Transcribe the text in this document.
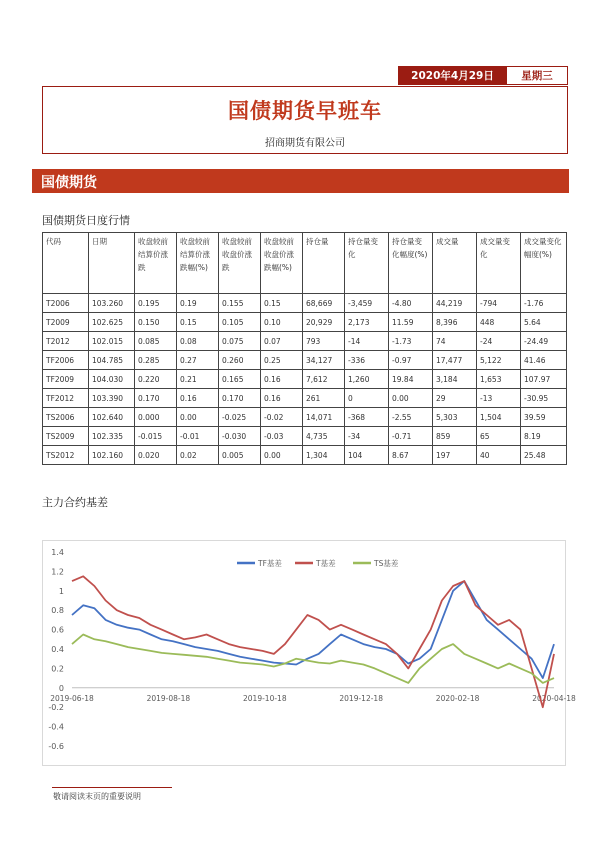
2020年4月29日	星期三
国债期货早班车
招商期货有限公司
国债期货
国债期货日度行情
代码	日期	收盘较前结算价涨跌	收盘较前结算价涨跌幅(%)	收盘较前收盘价涨跌	收盘较前收盘价涨跌幅(%)	持仓量	持仓量变化	持仓量变化幅度(%)	成交量	成交量变化	成交量变化幅度(%)
T2006	103.260	0.195	0.19	0.155	0.15	68,669	-3,459	-4.80	44,219	-794	-1.76
T2009	102.625	0.150	0.15	0.105	0.10	20,929	2,173	11.59	8,396	448	5.64
T2012	102.015	0.085	0.08	0.075	0.07	793	-14	-1.73	74	-24	-24.49
TF2006	104.785	0.285	0.27	0.260	0.25	34,127	-336	-0.97	17,477	5,122	41.46
TF2009	104.030	0.220	0.21	0.165	0.16	7,612	1,260	19.84	3,184	1,653	107.97
TF2012	103.390	0.170	0.16	0.170	0.16	261	0	0.00	29	-13	-30.95
TS2006	102.640	0.000	0.00	-0.025	-0.02	14,071	-368	-2.55	5,303	1,504	39.59
TS2009	102.335	-0.015	-0.01	-0.030	-0.03	4,735	-34	-0.71	859	65	8.19
TS2012	102.160	0.020	0.02	0.005	0.00	1,304	104	8.67	197	40	25.48
主力合约基差
1.4
1.2
1
0.8
0.6
0.4
0.2
0
-0.2
-0.4
-0.6
2019-06-18	2019-08-18	2019-10-18	2019-12-18	2020-02-18	2020-04-18
TF基差	T基差	TS基差
敬请阅读末页的重要说明
